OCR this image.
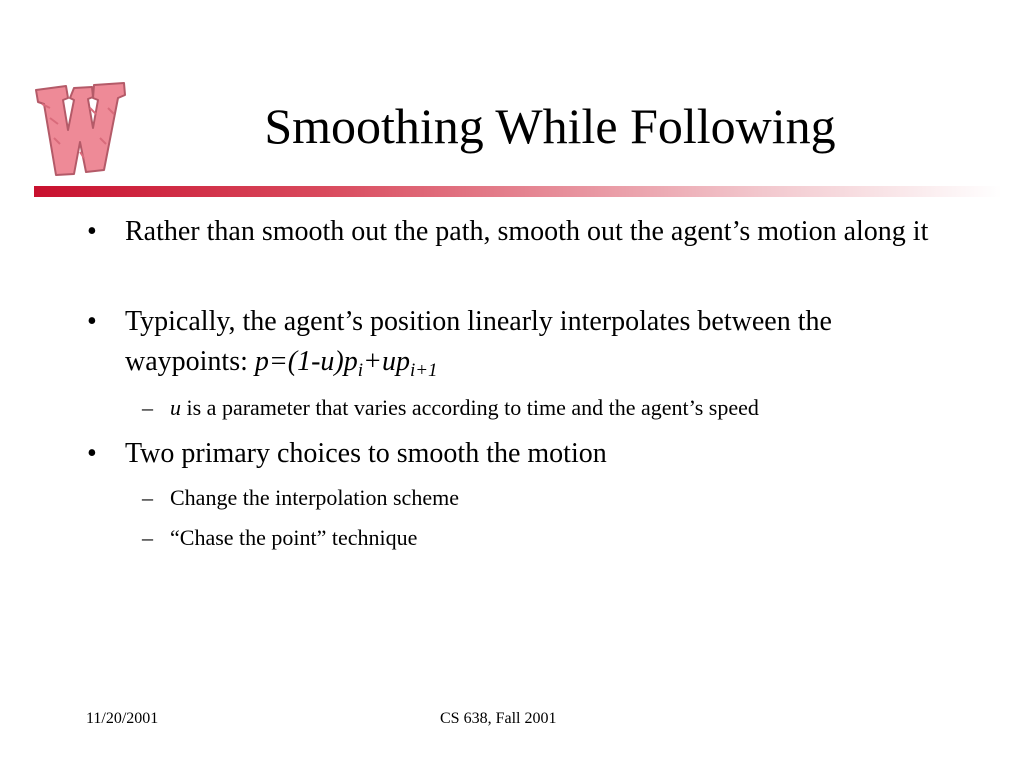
Smoothing While Following
• Rather than smooth out the path, smooth out the agent’s motion along it
• Typically, the agent’s position linearly interpolates between the waypoints: $p=(1-u)p_i+up_{i+1}$
– u is a parameter that varies according to time and the agent’s speed
• Two primary choices to smooth the motion
– Change the interpolation scheme
– “Chase the point” technique
11/20/2001	CS 638, Fall 2001
